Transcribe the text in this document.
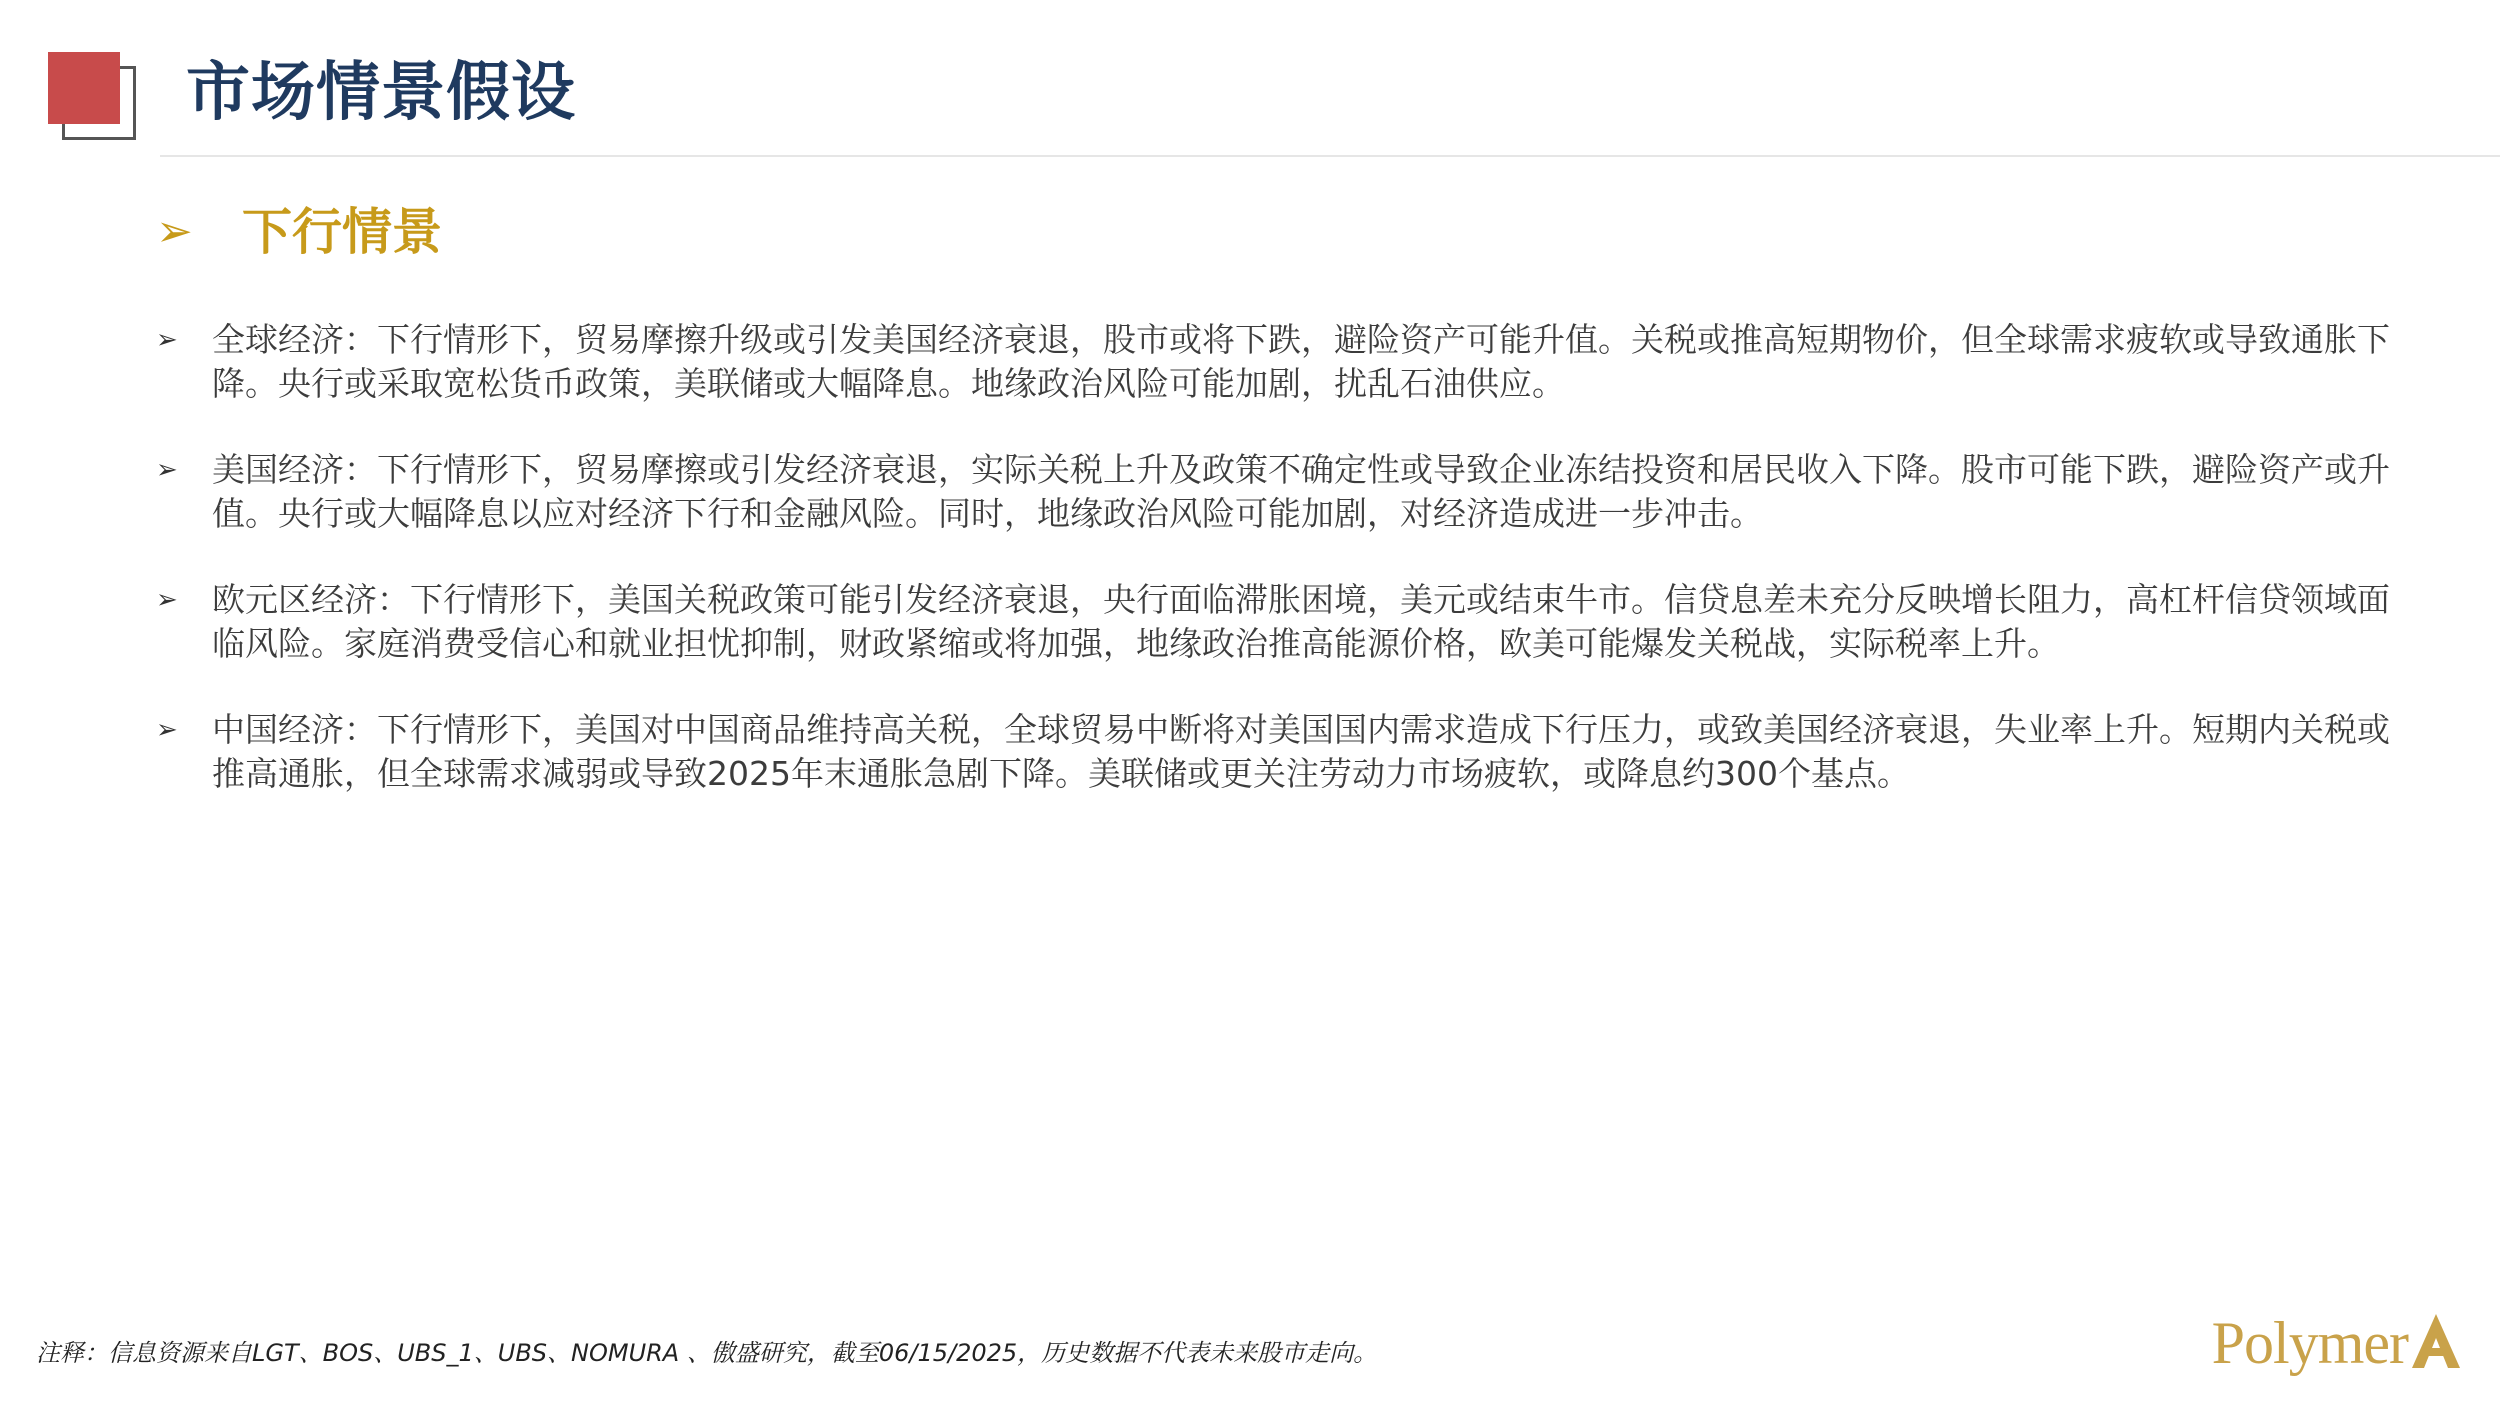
市场情景假设
➢ 下行情景
➢	全球经济：下行情形下，贸易摩擦升级或引发美国经济衰退，股市或将下跌，避险资产可能升值。关税或推高短期物价，但全球需求疲软或导致通胀下降。央行或采取宽松货币政策，美联储或大幅降息。地缘政治风险可能加剧，扰乱石油供应。
➢	美国经济：下行情形下，贸易摩擦或引发经济衰退，实际关税上升及政策不确定性或导致企业冻结投资和居民收入下降。股市可能下跌，避险资产或升值。央行或大幅降息以应对经济下行和金融风险。同时，地缘政治风险可能加剧，对经济造成进一步冲击。
➢	欧元区经济：下行情形下，美国关税政策可能引发经济衰退，央行面临滞胀困境，美元或结束牛市。信贷息差未充分反映增长阻力，高杠杆信贷领域面临风险。家庭消费受信心和就业担忧抑制，财政紧缩或将加强，地缘政治推高能源价格，欧美可能爆发关税战，实际税率上升。
➢	中国经济：下行情形下，美国对中国商品维持高关税，全球贸易中断将对美国国内需求造成下行压力，或致美国经济衰退，失业率上升。短期内关税或推高通胀，但全球需求减弱或导致2025年末通胀急剧下降。美联储或更关注劳动力市场疲软，或降息约300个基点。
注释：信息资源来自LGT、BOS、UBS_1、UBS、NOMURA 、傲盛研究，截至06/15/2025，历史数据不代表未来股市走向。	Polymer
